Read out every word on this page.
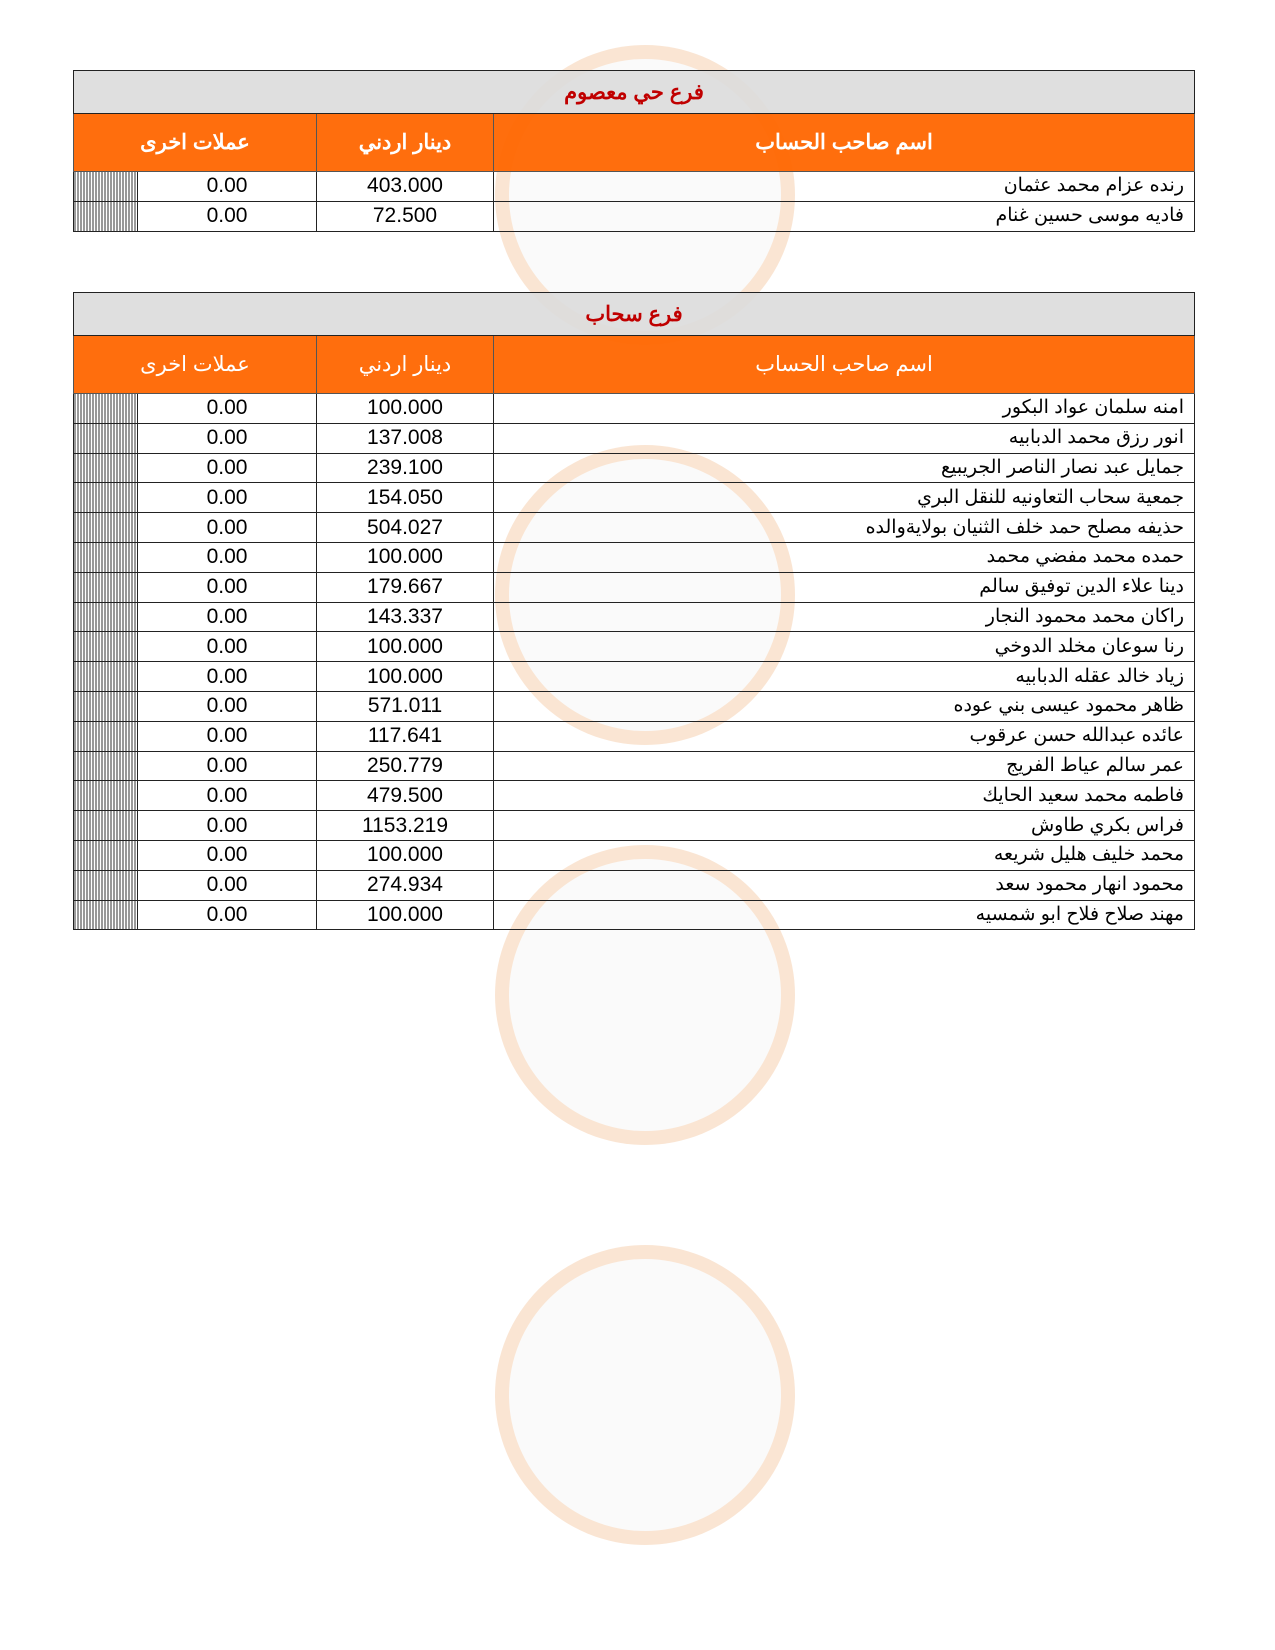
فرع حي معصوم			
عملات اخرى		دينار اردني	اسم صاحب الحساب
	0.00	403.000	رنده عزام محمد عثمان
	0.00	72.500	فاديه موسى حسين غنام
فرع سحاب			
عملات اخرى		دينار اردني	اسم صاحب الحساب
	0.00	100.000	امنه سلمان عواد البكور
	0.00	137.008	انور رزق محمد الدبابيه
	0.00	239.100	جمايل عبد نصار الناصر الجريبيع
	0.00	154.050	جمعية سحاب التعاونيه للنقل البري
	0.00	504.027	حذيفه مصلح حمد خلف الثنيان بولايةوالده
	0.00	100.000	حمده محمد مفضي محمد
	0.00	179.667	دينا علاء الدين توفيق سالم
	0.00	143.337	راكان محمد محمود النجار
	0.00	100.000	رنا سوعان مخلد الدوخي
	0.00	100.000	زياد خالد عقله الدبابيه
	0.00	571.011	ظاهر محمود عيسى بني عوده
	0.00	117.641	عائده عبدالله حسن عرقوب
	0.00	250.779	عمر سالم عياط الفريج
	0.00	479.500	فاطمه محمد سعيد الحايك
	0.00	1153.219	فراس بكري طاوش
	0.00	100.000	محمد خليف هليل شريعه
	0.00	274.934	محمود انهار محمود سعد
	0.00	100.000	مهند صلاح فلاح ابو شمسيه
